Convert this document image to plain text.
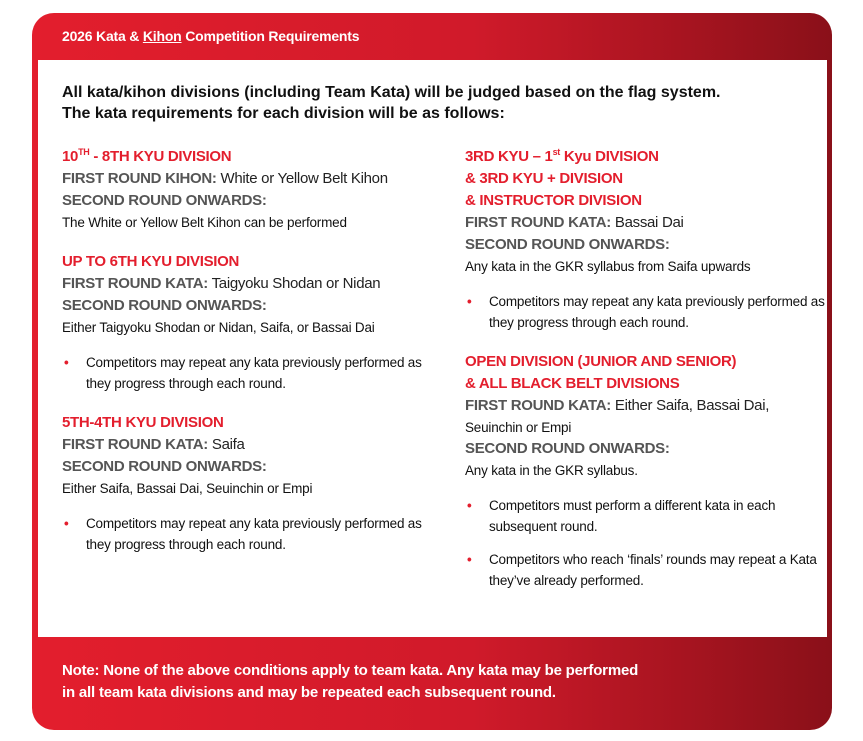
2026 Kata & Kihon Competition Requirements
All kata/kihon divisions (including Team Kata) will be judged based on the flag system.
The kata requirements for each division will be as follows:
10TH - 8TH KYU DIVISION
FIRST ROUND KIHON: White or Yellow Belt Kihon
SECOND ROUND ONWARDS:
The White or Yellow Belt Kihon can be performed
UP TO 6TH KYU DIVISION
FIRST ROUND KATA: Taigyoku Shodan or Nidan
SECOND ROUND ONWARDS:
Either Taigyoku Shodan or Nidan, Saifa, or Bassai Dai
• Competitors may repeat any kata previously performed as they progress through each round.
5TH-4TH KYU DIVISION
FIRST ROUND KATA: Saifa
SECOND ROUND ONWARDS:
Either Saifa, Bassai Dai, Seuinchin or Empi
• Competitors may repeat any kata previously performed as they progress through each round.
3RD KYU – 1st Kyu DIVISION
& 3RD KYU + DIVISION
& INSTRUCTOR DIVISION
FIRST ROUND KATA: Bassai Dai
SECOND ROUND ONWARDS:
Any kata in the GKR syllabus from Saifa upwards
• Competitors may repeat any kata previously performed as they progress through each round.
OPEN DIVISION (JUNIOR AND SENIOR)
& ALL BLACK BELT DIVISIONS
FIRST ROUND KATA: Either Saifa, Bassai Dai,
Seuinchin or Empi
SECOND ROUND ONWARDS:
Any kata in the GKR syllabus.
• Competitors must perform a different kata in each subsequent round.
• Competitors who reach ‘finals’ rounds may repeat a Kata they’ve already performed.
Note: None of the above conditions apply to team kata. Any kata may be performed
in all team kata divisions and may be repeated each subsequent round.
